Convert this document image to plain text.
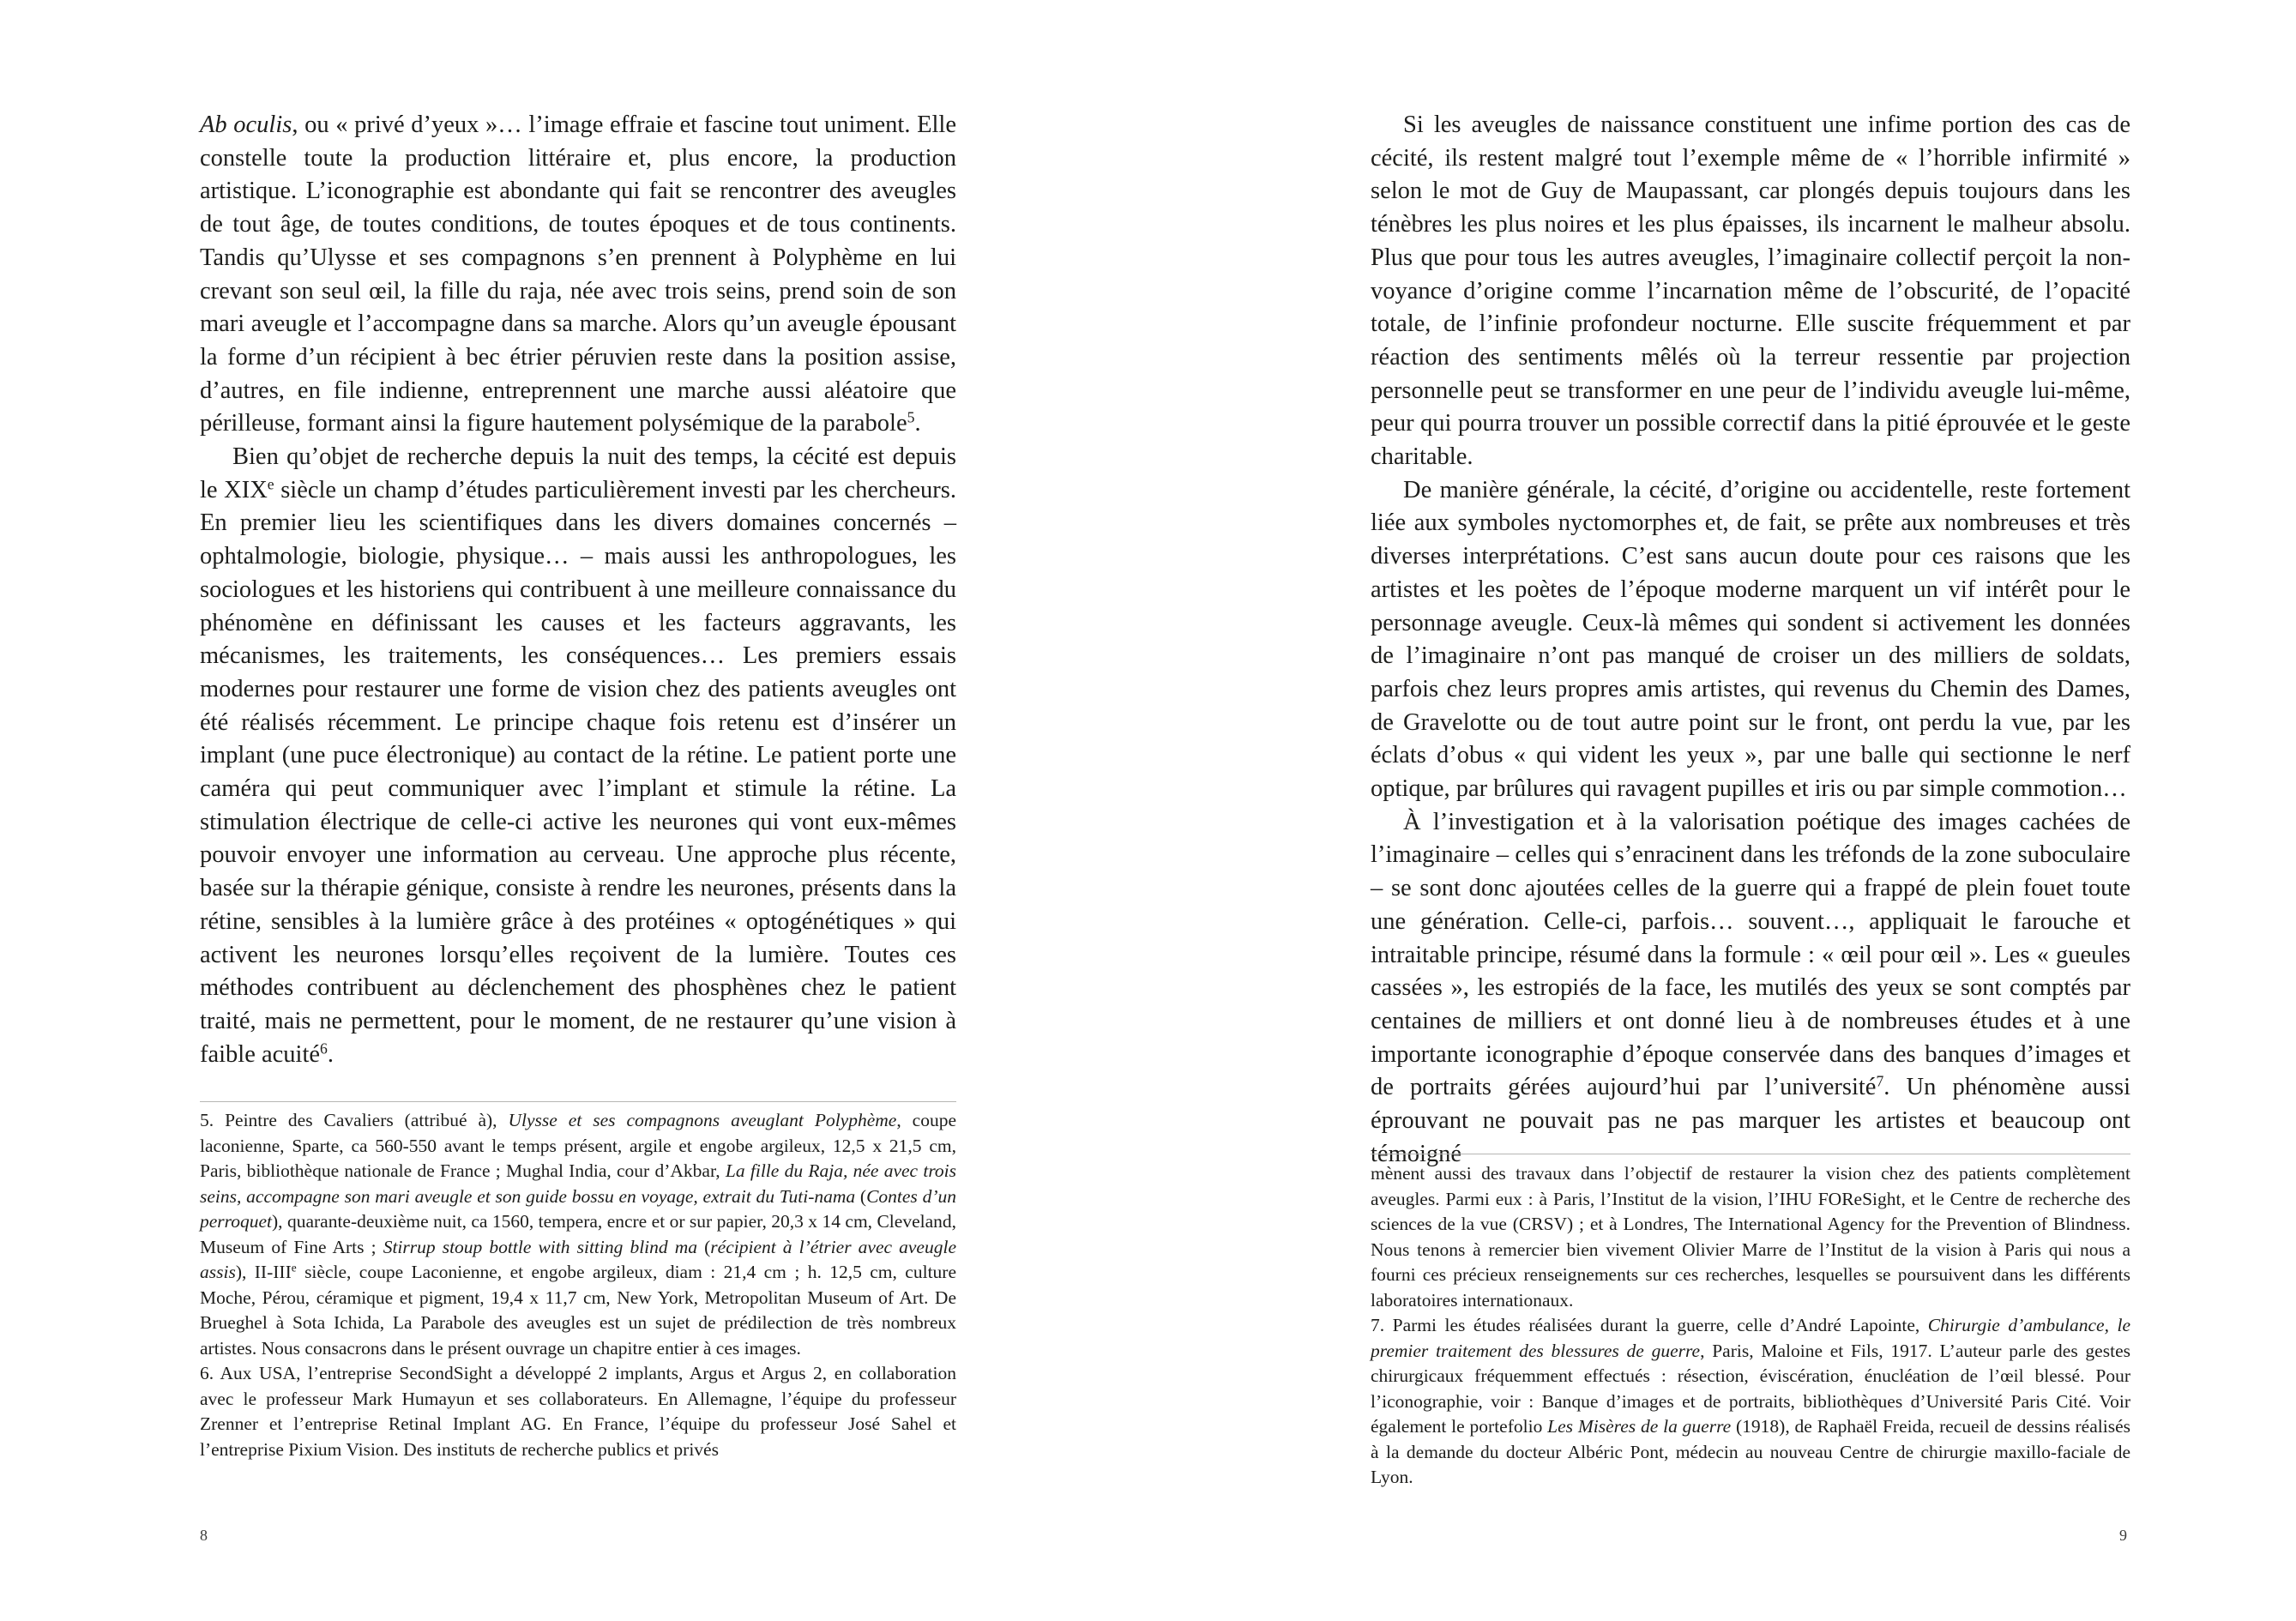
Ab oculis, ou « privé d’yeux »… l’image effraie et fascine tout uniment. Elle constelle toute la production littéraire et, plus encore, la production artistique. L’iconographie est abondante qui fait se rencontrer des aveugles de tout âge, de toutes conditions, de toutes époques et de tous continents. Tandis qu’Ulysse et ses compagnons s’en prennent à Polyphème en lui crevant son seul œil, la fille du raja, née avec trois seins, prend soin de son mari aveugle et l’accompagne dans sa marche. Alors qu’un aveugle épousant la forme d’un récipient à bec étrier péruvien reste dans la position assise, d’autres, en file indienne, entreprennent une marche aussi aléatoire que périlleuse, formant ainsi la figure hautement polysémique de la parabole$^5$.

Bien qu’objet de recherche depuis la nuit des temps, la cécité est depuis le XIXe siècle un champ d’études particulièrement investi par les chercheurs. En premier lieu les scientifiques dans les divers domaines concernés – ophtalmologie, biologie, physique… – mais aussi les anthropologues, les sociologues et les historiens qui contribuent à une meilleure connaissance du phénomène en définissant les causes et les facteurs aggravants, les mécanismes, les traitements, les conséquences… Les premiers essais modernes pour restaurer une forme de vision chez des patients aveugles ont été réalisés récemment. Le principe chaque fois retenu est d’insérer un implant (une puce électronique) au contact de la rétine. Le patient porte une caméra qui peut communiquer avec l’implant et stimule la rétine. La stimulation électrique de celle-ci active les neurones qui vont eux-mêmes pouvoir envoyer une information au cerveau. Une approche plus récente, basée sur la thérapie génique, consiste à rendre les neurones, présents dans la rétine, sensibles à la lumière grâce à des protéines « optogénétiques » qui activent les neurones lorsqu’elles reçoivent de la lumière. Toutes ces méthodes contribuent au déclenchement des phosphènes chez le patient traité, mais ne permettent, pour le moment, de ne restaurer qu’une vision à faible acuité$^6$.

5. Peintre des Cavaliers (attribué à), Ulysse et ses compagnons aveuglant Polyphème, coupe laconienne, Sparte, ca 560-550 avant le temps présent, argile et engobe argileux, 12,5 x 21,5 cm, Paris, bibliothèque nationale de France ; Mughal India, cour d’Akbar, La fille du Raja, née avec trois seins, accompagne son mari aveugle et son guide bossu en voyage, extrait du Tuti-nama (Contes d’un perroquet), quarante-deuxième nuit, ca 1560, tempera, encre et or sur papier, 20,3 x 14 cm, Cleveland, Museum of Fine Arts ; Stirrup stoup bottle with sitting blind ma (récipient à l’étrier avec aveugle assis), II-IIIe siècle, coupe Laconienne, et engobe argileux, diam : 21,4 cm ; h. 12,5 cm, culture Moche, Pérou, céramique et pigment, 19,4 x 11,7 cm, New York, Metropolitan Museum of Art. De Brueghel à Sota Ichida, La Parabole des aveugles est un sujet de prédilection de très nombreux artistes. Nous consacrons dans le présent ouvrage un chapitre entier à ces images.

6. Aux USA, l’entreprise SecondSight a développé 2 implants, Argus et Argus 2, en collaboration avec le professeur Mark Humayun et ses collaborateurs. En Allemagne, l’équipe du professeur Zrenner et l’entreprise Retinal Implant AG. En France, l’équipe du professeur José Sahel et l’entreprise Pixium Vision. Des instituts de recherche publics et privés

8

Si les aveugles de naissance constituent une infime portion des cas de cécité, ils restent malgré tout l’exemple même de « l’horrible infirmité » selon le mot de Guy de Maupassant, car plongés depuis toujours dans les ténèbres les plus noires et les plus épaisses, ils incarnent le malheur absolu. Plus que pour tous les autres aveugles, l’imaginaire collectif perçoit la non-voyance d’origine comme l’incarnation même de l’obscurité, de l’opacité totale, de l’infinie profondeur nocturne. Elle suscite fréquemment et par réaction des sentiments mêlés où la terreur ressentie par projection personnelle peut se transformer en une peur de l’individu aveugle lui-même, peur qui pourra trouver un possible correctif dans la pitié éprouvée et le geste charitable.

De manière générale, la cécité, d’origine ou accidentelle, reste fortement liée aux symboles nyctomorphes et, de fait, se prête aux nombreuses et très diverses interprétations. C’est sans aucun doute pour ces raisons que les artistes et les poètes de l’époque moderne marquent un vif intérêt pour le personnage aveugle. Ceux-là mêmes qui sondent si activement les données de l’imaginaire n’ont pas manqué de croiser un des milliers de soldats, parfois chez leurs propres amis artistes, qui revenus du Chemin des Dames, de Gravelotte ou de tout autre point sur le front, ont perdu la vue, par les éclats d’obus « qui vident les yeux », par une balle qui sectionne le nerf optique, par brûlures qui ravagent pupilles et iris ou par simple commotion…

À l’investigation et à la valorisation poétique des images cachées de l’imaginaire – celles qui s’enracinent dans les tréfonds de la zone suboculaire – se sont donc ajoutées celles de la guerre qui a frappé de plein fouet toute une génération. Celle-ci, parfois… souvent…, appliquait le farouche et intraitable principe, résumé dans la formule : « œil pour œil ». Les « gueules cassées », les estropiés de la face, les mutilés des yeux se sont comptés par centaines de milliers et ont donné lieu à de nombreuses études et à une importante iconographie d’époque conservée dans des banques d’images et de portraits gérées aujourd’hui par l’université$^7$. Un phénomène aussi éprouvant ne pouvait pas ne pas marquer les artistes et beaucoup ont témoigné

mènent aussi des travaux dans l’objectif de restaurer la vision chez des patients complètement aveugles. Parmi eux : à Paris, l’Institut de la vision, l’IHU FOReSight, et le Centre de recherche des sciences de la vue (CRSV) ; et à Londres, The International Agency for the Prevention of Blindness. Nous tenons à remercier bien vivement Olivier Marre de l’Institut de la vision à Paris qui nous a fourni ces précieux renseignements sur ces recherches, lesquelles se poursuivent dans les différents laboratoires internationaux.

7. Parmi les études réalisées durant la guerre, celle d’André Lapointe, Chirurgie d’ambulance, le premier traitement des blessures de guerre, Paris, Maloine et Fils, 1917. L’auteur parle des gestes chirurgicaux fréquemment effectués : résection, éviscération, énucléation de l’œil blessé. Pour l’iconographie, voir : Banque d’images et de portraits, bibliothèques d’Université Paris Cité. Voir également le portefolio Les Misères de la guerre (1918), de Raphaël Freida, recueil de dessins réalisés à la demande du docteur Albéric Pont, médecin au nouveau Centre de chirurgie maxillo-faciale de Lyon.

9
